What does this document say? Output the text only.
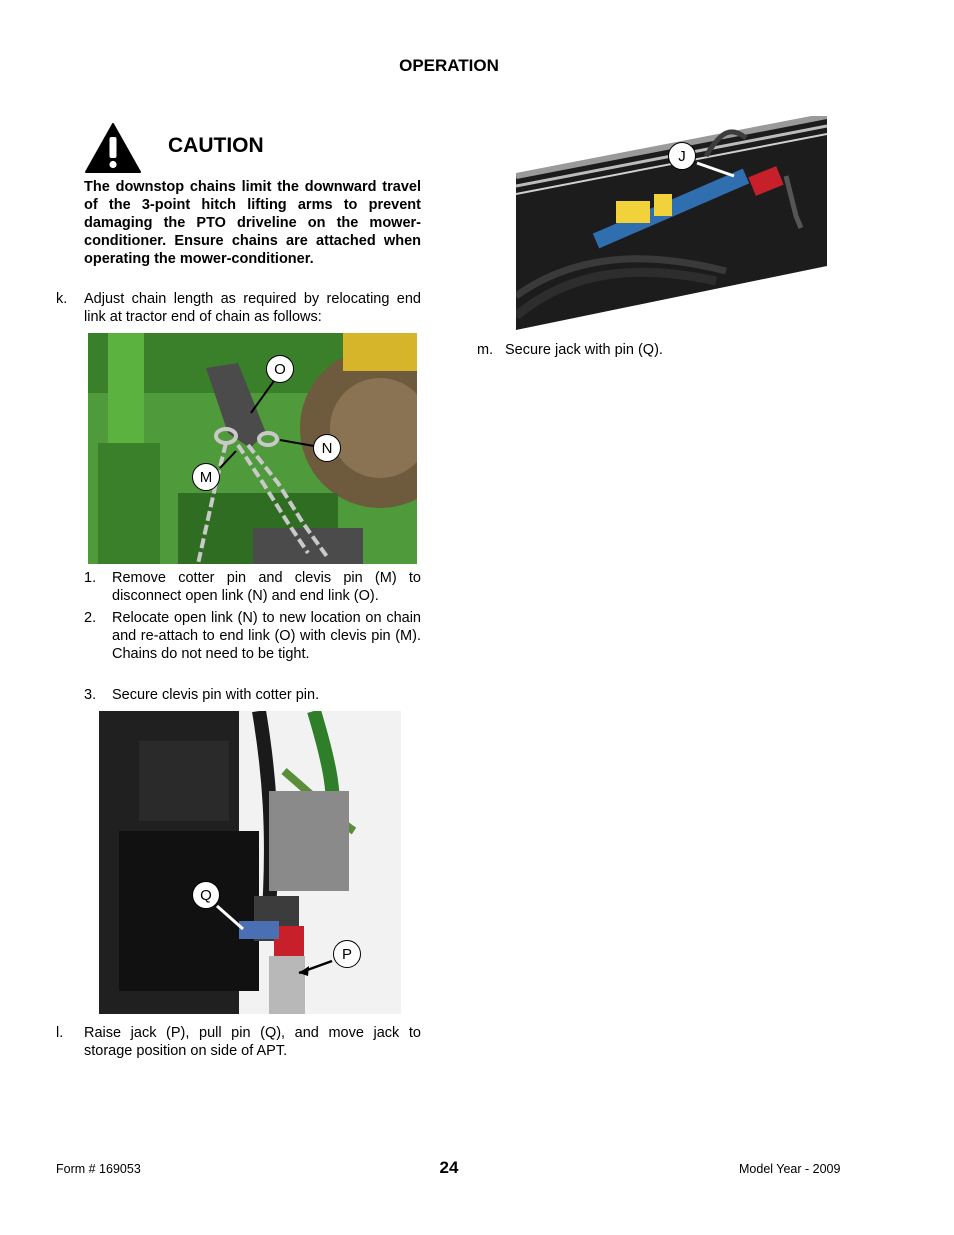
OPERATION
CAUTION
The downstop chains limit the downward travel of the 3-point hitch lifting arms to prevent damaging the PTO driveline on the mower-conditioner. Ensure chains are attached when operating the mower-conditioner.
k. Adjust chain length as required by relocating end link at tractor end of chain as follows:
O
N
M
1. Remove cotter pin and clevis pin (M) to disconnect open link (N) and end link (O).
2. Relocate open link (N) to new location on chain and re-attach to end link (O) with clevis pin (M). Chains do not need to be tight.
3. Secure clevis pin with cotter pin.
Q
P
l. Raise jack (P), pull pin (Q), and move jack to storage position on side of APT.
J
m. Secure jack with pin (Q).
Form # 169053	24	Model Year - 2009
